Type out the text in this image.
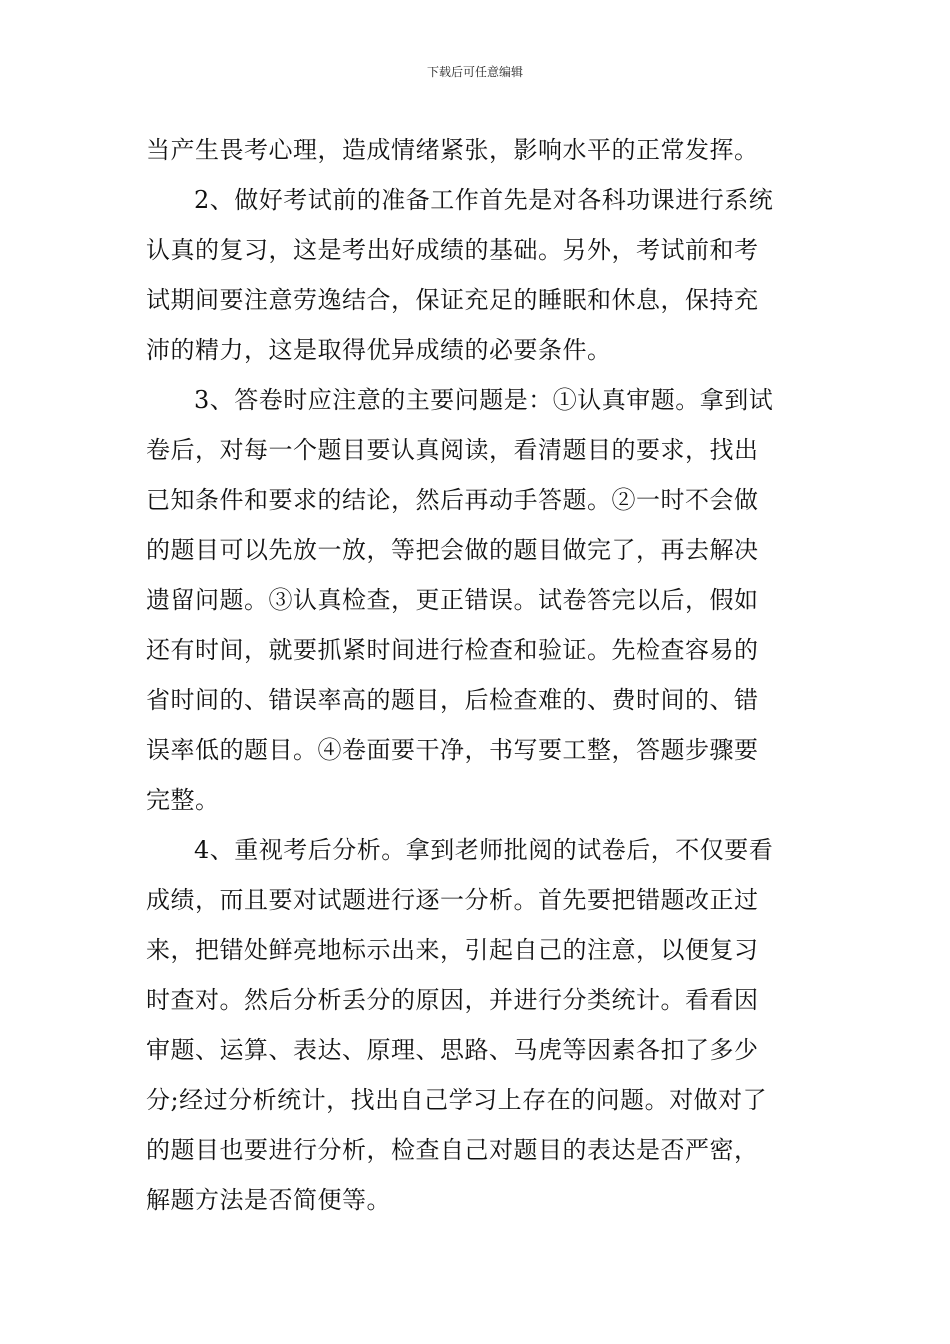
下载后可任意编辑
当产生畏考心理，造成情绪紧张，影响水平的正常发挥。
2、做好考试前的准备工作首先是对各科功课进行系统
认真的复习，这是考出好成绩的基础。另外，考试前和考
试期间要注意劳逸结合，保证充足的睡眠和休息，保持充
沛的精力，这是取得优异成绩的必要条件。
3、答卷时应注意的主要问题是：①认真审题。拿到试
卷后，对每一个题目要认真阅读，看清题目的要求，找出
已知条件和要求的结论，然后再动手答题。②一时不会做
的题目可以先放一放，等把会做的题目做完了，再去解决
遗留问题。③认真检查，更正错误。试卷答完以后，假如
还有时间，就要抓紧时间进行检查和验证。先检查容易的
省时间的、错误率高的题目，后检查难的、费时间的、错
误率低的题目。④卷面要干净，书写要工整，答题步骤要
完整。
4、重视考后分析。拿到老师批阅的试卷后，不仅要看
成绩，而且要对试题进行逐一分析。首先要把错题改正过
来，把错处鲜亮地标示出来，引起自己的注意，以便复习
时查对。然后分析丢分的原因，并进行分类统计。看看因
审题、运算、表达、原理、思路、马虎等因素各扣了多少
分;经过分析统计，找出自己学习上存在的问题。对做对了
的题目也要进行分析，检查自己对题目的表达是否严密，
解题方法是否简便等。
